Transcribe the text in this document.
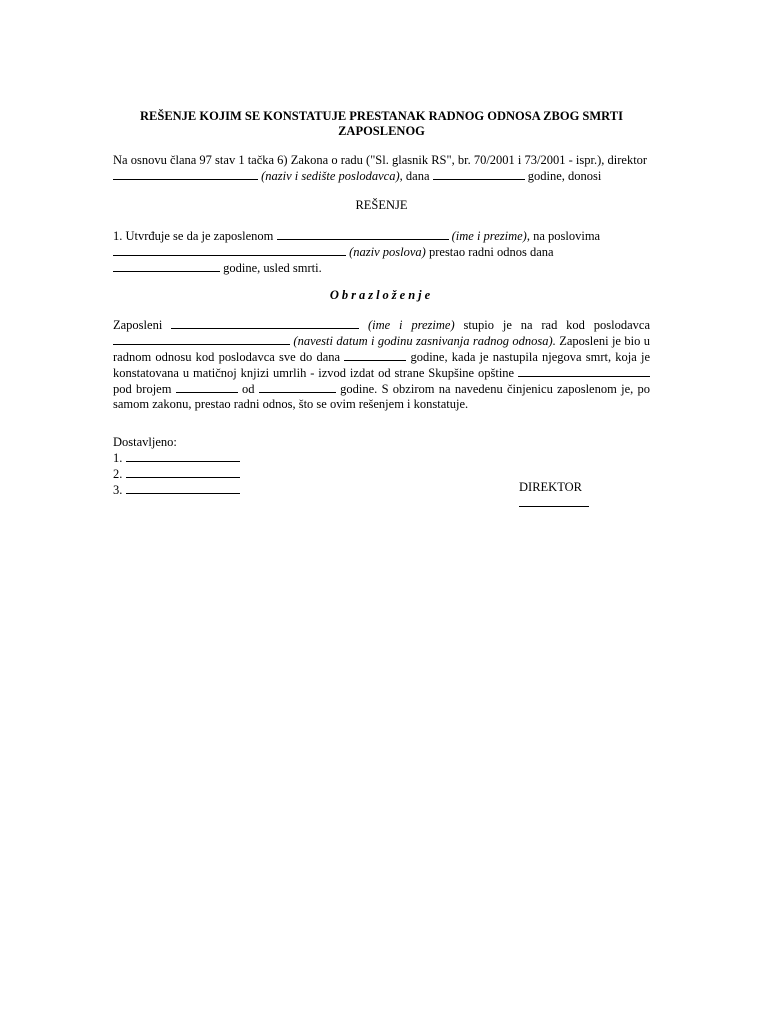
REŠENJE KOJIM SE KONSTATUJE PRESTANAK RADNOG ODNOSA ZBOG SMRTI ZAPOSLENOG
Na osnovu člana 97 stav 1 tačka 6) Zakona o radu ("Sl. glasnik RS", br. 70/2001 i 73/2001 - ispr.), direktor
(naziv i sedište poslodavca), dana	godine, donosi
REŠENJE
1. Utvrđuje se da je zaposlenom	(ime i prezime), na poslovima
(naziv poslova) prestao radni odnos dana
godine, usled smrti.
Obrazloženje
Zaposleni	(ime i prezime) stupio je na rad kod poslodavca  (navesti datum i godinu zasnivanja radnog odnosa). Zaposleni je bio u radnom odnosu kod poslodavca sve do dana	godine, kada je nastupila njegova smrt, koja je konstatovana u matičnoj knjizi umrlih - izvod izdat od strane Skupšine opštine  pod brojem	od	godine. S obzirom na navedenu činjenicu zaposlenom je, po samom zakonu, prestao radni odnos, što se ovim rešenjem i konstatuje.
Dostavljeno:
1.
2.
3.	DIREKTOR
